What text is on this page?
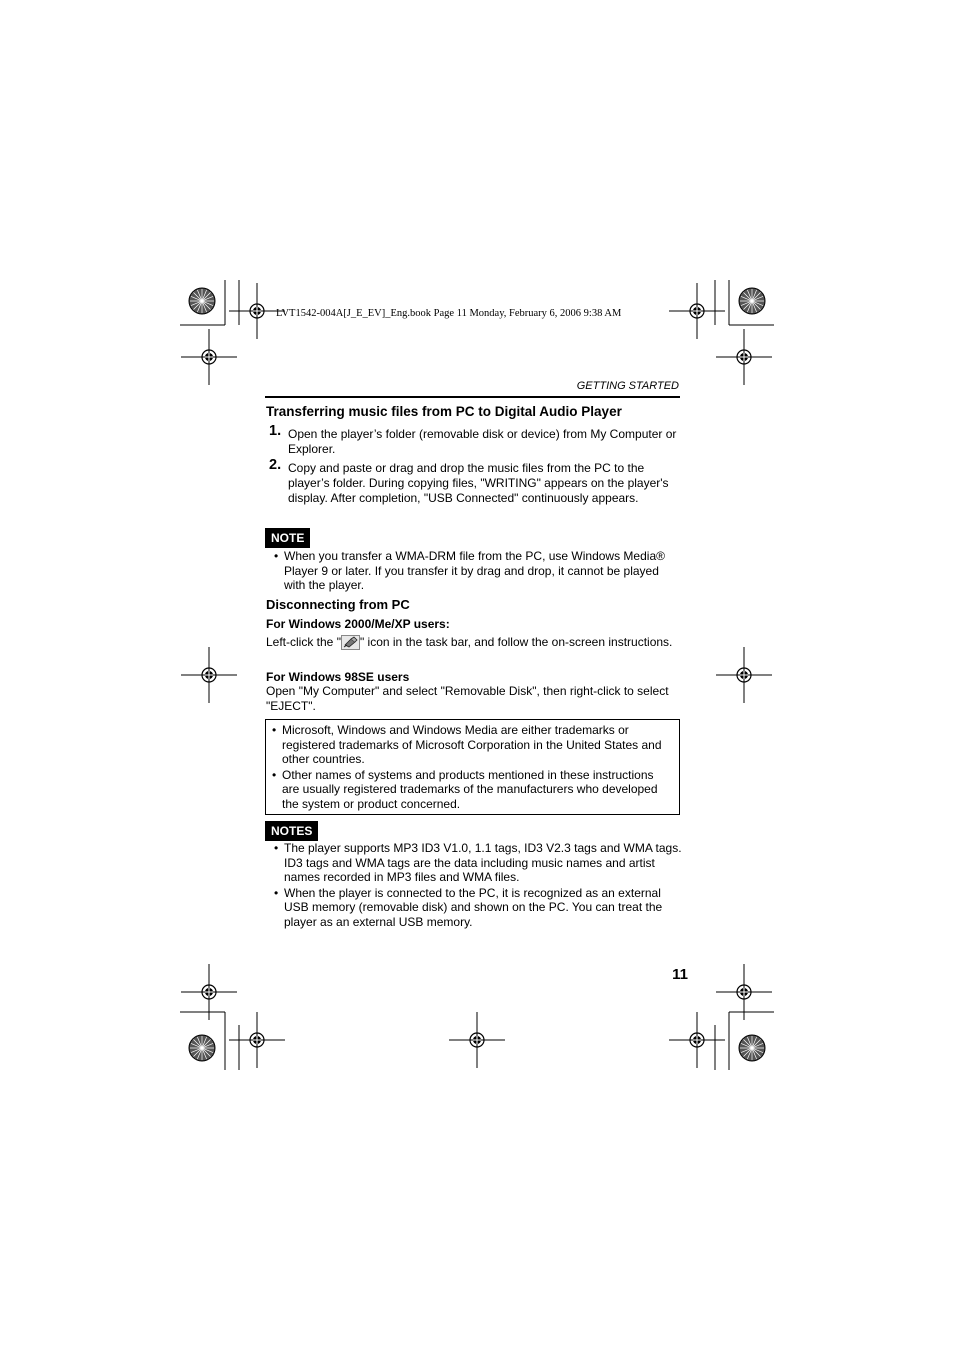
LVT1542-004A[J_E_EV]_Eng.book Page 11 Monday, February 6, 2006 9:38 AM
GETTING STARTED
Transferring music files from PC to Digital Audio Player
1. Open the player’s folder (removable disk or device) from My Computer or Explorer.
2. Copy and paste or drag and drop the music files from the PC to the player’s folder. During copying files, "WRITING" appears on the player's display. After completion, "USB Connected" continuously appears.
NOTE
• When you transfer a WMA-DRM file from the PC, use Windows Media® Player 9 or later. If you transfer it by drag and drop, it cannot be played with the player.
Disconnecting from PC
For Windows 2000/Me/XP users:
Left-click the " " icon in the task bar, and follow the on-screen instructions.
For Windows 98SE users
Open "My Computer" and select "Removable Disk", then right-click to select "EJECT".
• Microsoft, Windows and Windows Media are either trademarks or registered trademarks of Microsoft Corporation in the United States and other countries.
• Other names of systems and products mentioned in these instructions are usually registered trademarks of the manufacturers who developed the system or product concerned.
NOTES
• The player supports MP3 ID3 V1.0, 1.1 tags, ID3 V2.3 tags and WMA tags. ID3 tags and WMA tags are the data including music names and artist names recorded in MP3 files and WMA files.
• When the player is connected to the PC, it is recognized as an external USB memory (removable disk) and shown on the PC. You can treat the player as an external USB memory.
11
